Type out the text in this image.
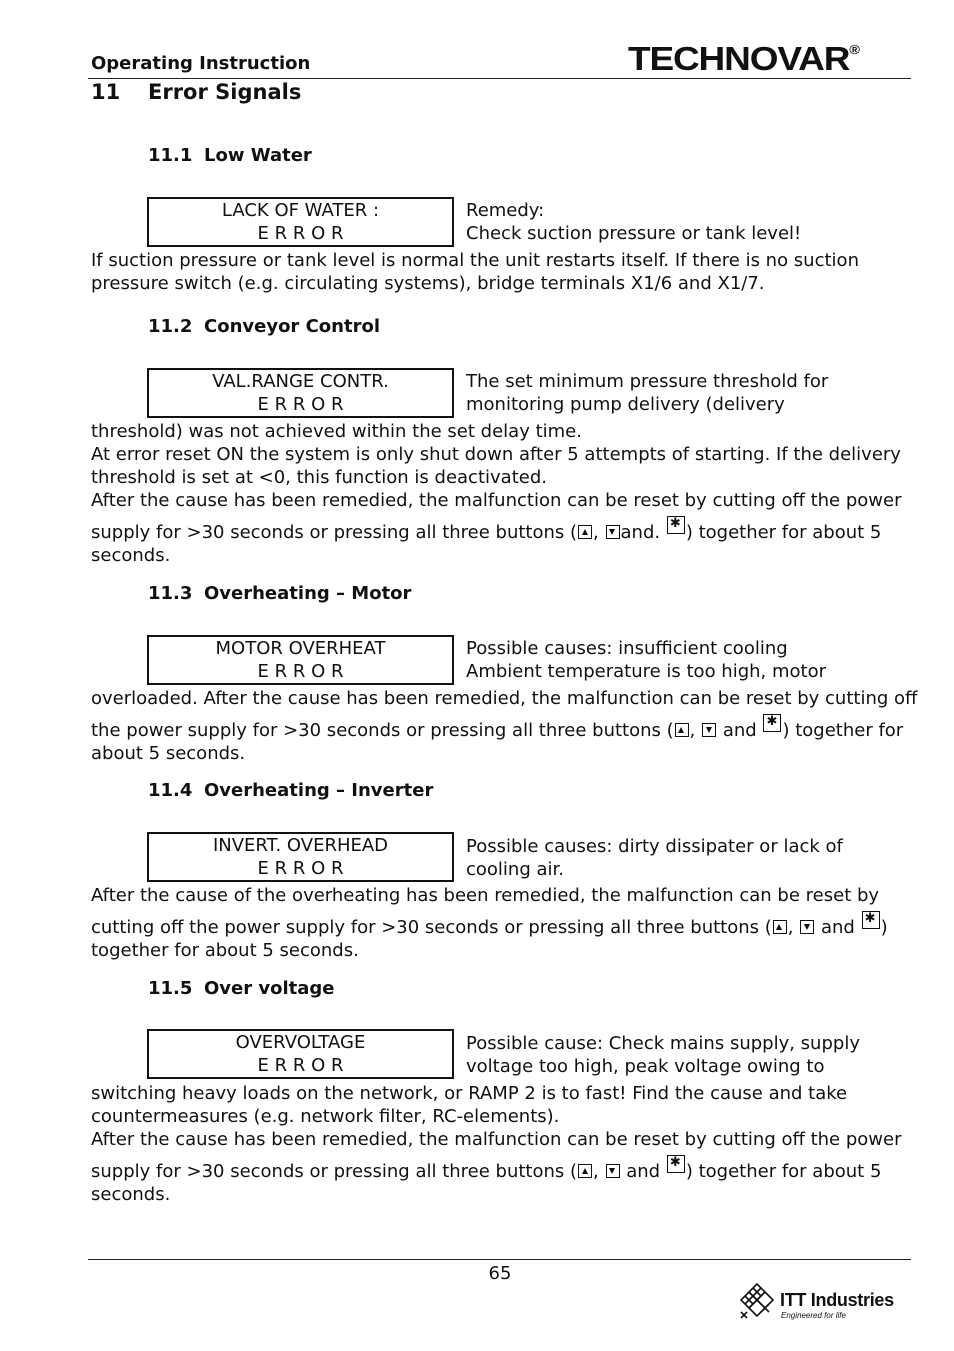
Operating Instruction	TECHNOVAR®
11 Error Signals
11.1 Low Water
LACK OF WATER :
E R R O R
Remedy:
Check suction pressure or tank level!
If suction pressure or tank level is normal the unit restarts itself. If there is no suction
pressure switch (e.g. circulating systems), bridge terminals X1/6 and X1/7.
11.2 Conveyor Control
VAL.RANGE CONTR.
E R R O R
The set minimum pressure threshold for
monitoring pump delivery (delivery
threshold) was not achieved within the set delay time.
At error reset ON the system is only shut down after 5 attempts of starting. If the delivery
threshold is set at <0, this function is deactivated.
After the cause has been remedied, the malfunction can be reset by cutting off the power
supply for >30 seconds or pressing all three buttons ( , and. ✱ ) together for about 5
seconds.
11.3 Overheating – Motor
MOTOR OVERHEAT
E R R O R
Possible causes: insufficient cooling
Ambient temperature is too high, motor
overloaded. After the cause has been remedied, the malfunction can be reset by cutting off
the power supply for >30 seconds or pressing all three buttons ( , and ✱ ) together for
about 5 seconds.
11.4 Overheating – Inverter
INVERT. OVERHEAD
E R R O R
Possible causes: dirty dissipater or lack of
cooling air.
After the cause of the overheating has been remedied, the malfunction can be reset by
cutting off the power supply for >30 seconds or pressing all three buttons ( , and ✱ )
together for about 5 seconds.
11.5 Over voltage
OVERVOLTAGE
E R R O R
Possible cause: Check mains supply, supply
voltage too high, peak voltage owing to
switching heavy loads on the network, or RAMP 2 is to fast! Find the cause and take
countermeasures (e.g. network filter, RC-elements).
After the cause has been remedied, the malfunction can be reset by cutting off the power
supply for >30 seconds or pressing all three buttons ( , and ✱ ) together for about 5
seconds.
65
ITT Industries
Engineered for life
